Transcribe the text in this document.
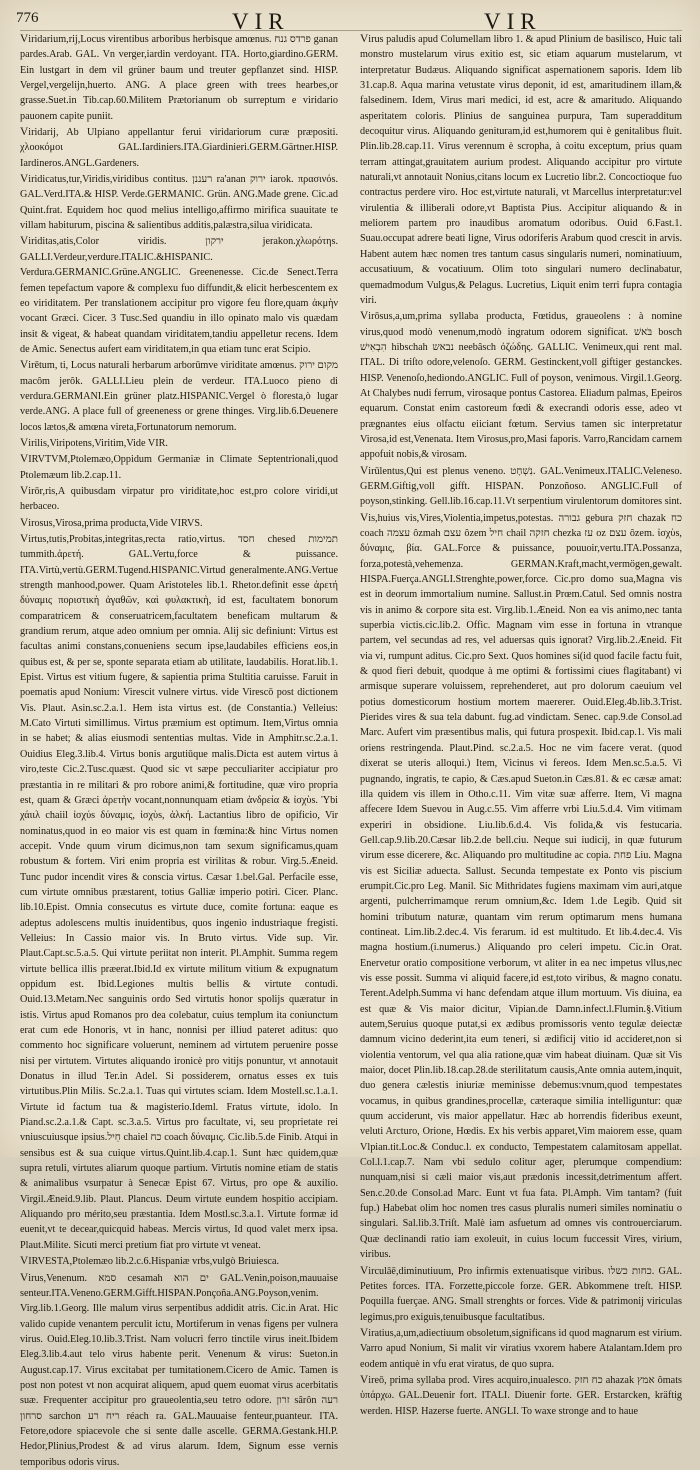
776	VIR	VIR

Viridarium,rij,Locus virentibus arboribus herbisque amœnus. פרדס גנח ganan pardes.Arab. GAL. Vn verger,iardin verdoyant. ITA. Horto,giardino.GERM. Ein lustgart in dem vil grüner baum und treuter gepflanzet sind. HISP. Vergel,vergelijn,huerto. ANG. A place green with trees hearbes,or grasse.Suet.in Tib.cap.60.Militem Prætorianum ob surreptum e viridario pauonem capite puniit.

Viridarij, Ab Ulpiano appellantur ferui viridariorum curæ præpositi. χλοοκόμοι GAL.Iardiniers.ITA.Giardinieri.GERM.Gärtner.HISP. Iardineros.ANGL.Gardeners.

Viridicatus,tur,Viridis,viridibus contitus. רעננן ra'anan ירוק iarok. πρασινόs. GAL.Verd.ITA.& HISP. Verde.GERMANIC. Grün. ANG.Made grene. Cic.ad Quint.frat. Equidem hoc quod melius intelligo,affirmo mirifica suauitate te villam habiturum, piscina & salientibus additis,palæstra,silua viridicata.

Viriditas,atis,Color viridis. ירקון jerakon.χλωρότηs. GALLI.Verdeur,verdure.ITALIC.&HISPANIC. Verdura.GERMANIC.Grüne.ANGLIC. Greenenesse. Cic.de Senect.Terra femen tepefactum vapore & complexu fuo diffundit,& elicit herbescentem ex eo viriditatem. Per translationem accipitur pro vigore feu flore,quam ἀκμὴν vocant Græci. Cicer. 3 Tusc.Sed quandiu in illo opinato malo vis quædam insit & vigeat, & habeat quandam viriditatem,tandiu appelletur recens. Idem de Amic. Senectus aufert eam viriditatem,in qua etiam tunc erat Scipio.

Virētum, ti, Locus naturali herbarum arborūmve viriditate amœnus. מקום ירוק macôm jerôk. GALLI.Lieu plein de verdeur. ITA.Luoco pieno di verdura.GERMANI.Ein grüner platz.HISPANIC.Vergel ò floresta,ò lugar verde.ANG. A place full of greeneness or grene thinges. Virg.lib.6.Deuenere locos lætos,& amœna vireta,Fortunatorum nemorum.

Virilis,Viripotens,Viritim,Vide VIR.

VIRVTVM,Ptolemæo,Oppidum Germaniæ in Climate Septentrionali,quod Ptolemæum lib.2.cap.11.

Virōr,ris,A quibusdam virpatur pro viriditate,hoc est,pro colore viridi,ut herbaceo.

Virosus,Virosa,prima producta,Vide VIRVS.

Virtus,tutis,Probitas,integritas,recta ratio,virtus. חסד chesed תמימות tummith.ἀρετή. GAL.Vertu,force & puissance. ITA.Virtù,vertù.GERM.Tugend.HISPANIC.Virtud generalmente.ANG.Vertue strength manhood,power. Quam Aristoteles lib.1. Rhetor.definit esse ἀρετή δύναμις ποριστικὴ ἀγαθῶν, καὶ φυλακτικὴ, id est, facultatem bonorum comparatricem & conseruatricem,facultatem beneficam multarum & grandium rerum, atque adeo omnium per omnia. Alij sic definiunt: Virtus est facultas animi constans,conueniens secum ipse,laudabiles efficiens eos,in quibus est, & per se, sponte separata etiam ab utilitate, laudabilis. Horat.lib.1. Epist. Virtus est vitium fugere, & sapientia prima Stultitia caruisse. Faruit in poematis apud Nonium: Virescit vulnere virtus. vide Virescō post dictionem Vis. Plaut. Asin.sc.2.a.1. Hem ista virtus est. (de Constantia.) Velleius: M.Cato Virtuti simillimus. Virtus præmium est optimum. Item,Virtus omnia in se habet; & alias eiusmodi sententias multas. Vide in Amphitr.sc.2.a.1. Ouidius Eleg.3.lib.4. Virtus bonis argutiūque malis.Dicta est autem virtus à viro,teste Cic.2.Tusc.quæst. Quod sic vt sæpe pecculiariter accipiatur pro præstantia in re militari & pro robore animi,& fortitudine, quæ viro propria est, quam & Græci ἀρετὴν vocant,nonnunquam etiam ἀνδρεία & ἰσχὺs. Ὑbi χάιιλ chaiil ἰσχύs δύναμις, ἰσχὺs, ἀλκή. Lactantius libro de opificio, Vir nominatus,quod in eo maior vis est quam in fœmina:& hinc Virtus nomen accepit. Vnde quum virum dicimus,non tam sexum significamus,quam robustum & fortem. Viri enim propria est virilitas & robur. Virg.5.Æneid. Tunc pudor incendit vires & conscia virtus. Cæsar 1.bel.Gal. Perfacile esse, cum virtute omnibus præstarent, totius Galliæ imperio potiri. Cicer. Planc. lib.10.Epist. Omnia consecutus es virtute duce, comite fortuna: eaque es adeptus adolescens multis inuidentibus, quos ingenio industriaque fregisti. Velleius: In Cassio maior vis. In Bruto virtus. Vide sup. Vir. Plaut.Capt.sc.5.a.5. Qui virtute periitat non interit. Pl.Amphit. Summa regem virtute bellica illis præerat.Ibid.Id ex virtute militum vitium & expugnatum oppidum est. Ibid.Legiones multis bellis & virtute contudi. Ouid.13.Metam.Nec sanguinis ordo Sed virtutis honor spolijs quæratur in istis. Virtus apud Romanos pro dea colebatur, cuius templum ita coniunctum erat cum ede Honoris, vt in hanc, nonnisi per illiud pateret aditus: quo commento hoc significare voluerunt, neminem ad virtutem peruenire posse nisi per virtutem. Virtutes aliquando ironicè pro vitijs ponuntur, vt annotauit Donatus in illud Ter.in Adel. Si possiderem, ornatus esses ex tuis virtutibus.Plin Milis. Sc.2.a.1. Tuas qui virtutes sciam. Idem Mostell.sc.1.a.1. Virtute id factum tua & magisterio.Ideml. Fratus virtute, idolo. In Piand.sc.2.a.1.& Capt. sc.3.a.5. Virtus pro facultate, vi, seu proprietate rei vniuscuiusque ipsius.חֵיל chaiel כח coach δύναμις. Cic.lib.5.de Finib. Atqui in sensibus est & sua cuique virtus.Quint.lib.4.cap.1. Sunt hæc quidem,quæ supra retuli, virtutes aliarum quoque partium. Virtutis nomine etiam de statis & animalibus vsurpatur à Senecæ Epist 67. Virtus, pro ope & auxilio. Virgil.Æneid.9.lib. Plaut. Plancus. Deum virtute eundem hospitio accipiam. Aliquando pro mérito,seu præstantia. Idem Mostl.sc.3.a.1. Virtute formæ id euenit,vt te decear,quicquid habeas. Mercis virtus, Id quod valet merx ipsa. Plaut.Milite. Sicuti merci pretium fiat pro virtute vt veneat.

VIRVESTA,Ptolemæo lib.2.c.6.Hispaniæ vrbs,vulgò Briuiesca.

Virus,Venenum. סמא cesamah ים הוא GAL.Venin,poison,mauuaise senteur.ITA.Veneno.GERM.Gifft.HISPAN.Ponçoña.ANG.Poyson,venim. Virg.lib.1.Georg. Ille malum virus serpentibus addidit atris. Cic.in Arat. Hic valido cupide venantem perculit ictu, Mortiferum in venas figens per vulnera virus. Ouid.Eleg.10.lib.3.Trist. Nam volucri ferro tinctile virus ineit.Ibidem Eleg.3.lib.4.aut telo virus habente perit. Venenum & virus: Sueton.in August.cap.17. Virus excitabat per tumitationem.Cicero de Amic. Tamen is post non potest vt non acquirat aliquem, apud quem euomat virus acerbitatis suæ. Frequenter accipitur pro graueolentia,seu tetro odore. זרון sârôn רעה סרחון sarchon ריח רע réach ra. GAL.Mauuaise fenteur,puanteur. ITA. Fetore,odore spiacevole che si sente dalle ascelle. GERMA.Gestank.HI.P. Hedor,Plinius,Prodest & ad virus alarum. Idem, Signum esse vernis temporibus odoris virus.

Virus paludis apud Columellam libro 1. & apud Plinium de basilisco, Huic tali monstro mustelarum virus exitio est, sic etiam aquarum mustelarum, vt interpretatur Budæus. Aliquando significat aspernationem saporis. Idem lib 31.cap.8. Aqua marina vetustate virus deponit, id est, amaritudinem illam,& falsedinem. Idem, Virus mari medici, id est, acre & amaritudo. Aliquando asperitatem coloris. Plinius de sanguinea purpura, Tam superadditum decoquitur virus. Aliquando genituram,id est,humorem qui è genitalibus fluit. Plin.lib.28.cap.11. Virus verennum è scropha, à coitu exceptum, prius quam terram attingat,grauitatem aurium prodest. Aliquando accipitur pro virtute naturali,vt annotauit Nonius,citans locum ex Lucretio libr.2. Concoctioque fuo contractus perdere viro. Hoc est,virtute naturali, vt Marcellus interpretatur:vel virulentia & illiberali odore,vt Baptista Pius. Accipitur aliquando & in meliorem partem pro inaudibus aromatum odoribus. Ouid 6.Fast.1. Suau.occupat adrere beati ligne, Virus odoriferis Arabum quod crescit in arvis. Habent autem hæc nomen tres tantum casus singularis numeri, nominatiuum, accusatiuum, & vocatiuum. Olim toto singulari numero declinabatur, quemadmodum Vulgus,& Pelagus. Lucretius, Liquit enim terri fupra contagia viri.

Virōsus,a,um,prima syllaba producta, Fœtidus, graueolens : à nomine virus,quod modò venenum,modò ingratum odorem significat. בֹּאשׁ bosch הִבְאִישׁ hibschah נבאש neebâsch ὀζώδης. GALLIC. Venimeux,qui rent mal. ITAL. Di triſto odore,velenoſo. GERM. Gestinckent,voll giftiger gestanckes. HISP. Venenoſo,hediondo.ANGLIC. Full of poyson, venimous. Virgil.1.Georg. At Chalybes nudi ferrum, virosaque pontus Castorea. Eliadum palmas, Epeiros equarum. Constat enim castoreum fœdi & execrandi odoris esse, adeo vt prægnantes eius olfactu eiiciant fœtum. Servius tamen sic interpretatur Virosa,id est,Venenata. Item Virosus,pro,Masi faporis. Varro,Rancidam carnem appofuit nobis,& virosam.

Virūlentus,Qui est plenus veneno. נִשְׁחָט. GAL.Venimeux.ITALIC.Veleneso. GERM.Giftig,voll gifft. HISPAN. Ponzoñoso. ANGLIC.Full of poyson,stinking. Gell.lib.16.cap.11.Vt serpentium virulentorum domitores sint.

Vis,huius vis,Vires,Violentia,impetus,potestas. גבורה gebura חזק chazak כח coach עצמה ôzmah עצם ôzem חיל chail חזקה chezka עז oz עצם ôzem. ἰσχὺs, δύναμις, βία. GAL.Force & puissance, pouuoir,vertu.ITA.Possanza, forza,potestà,vehemenza. GERMAN.Kraft,macht,vermögen,gewalt. HISPA.Fuerça.ANGLI.Strenghte,power,force. Cic.pro domo sua,Magna vis est in deorum immortalium numine. Sallust.in Prœm.Catul. Sed omnis nostra vis in animo & corpore sita est. Virg.lib.1.Æneid. Non ea vis animo,nec tanta superbia victis.cic.lib.2. Offic. Magnam vim esse in fortuna in vtranque partem, vel secundas ad res, vel aduersas quis ignorat? Virg.lib.2.Æneid. Fit via vi, rumpunt aditus. Cic.pro Sext. Quos homines si(id quod facile factu fuit, & quod fieri debuit, quodque à me optimi & fortissimi ciues flagitabant) vi armisque superare voluissem, reprehenderet, aut pro dolorum caeuium vel potius domesticorum hostium mortem maererer. Ouid.Eleg.4b.lib.3.Trist. Pierides vires & sua tela dabunt. fug.ad vindictam. Senec. cap.9.de Consol.ad Marc. Aufert vim præsentibus malis, qui futura prospexit. Ibid.cap.1. Vis mali oriens restringenda. Plaut.Pind. sc.2.a.5. Hoc ne vim facere verat. (quod dixerat se uteris alloqui.) Item, Vicinus vi fereos. Idem Men.sc.5.a.5. Vi pugnando, ingratis, te capio, & Cæs.apud Sueton.in Cæs.81. & ec cæsæ amat: illa quidem vis illem in Otho.c.11. Vim vitæ suæ afferre. Item, Vi magna affecere Idem Suevou in Aug.c.55. Vim afferre vrbi Liu.5.d.4. Vim vitimam experiri in obsidione. Liu.lib.6.d.4. Vis folida,& vis festucaria. Gell.cap.9.lib.20.Cæsar lib.2.de bell.ciu. Neque sui iudicij, in quæ futurum virum esse dicerere, &c. Aliquando pro multitudine ac copia. פחת Liu. Magna vis est Siciliæ aduecta. Sallust. Secunda tempestate ex Ponto vis piscium erumpit.Cic.pro Leg. Manil. Sic Mithridates fugiens maximam vim auri,atque argenti, pulcherrimamque rerum omnium,&c. Idem 1.de Legib. Quid sit homini tributum naturæ, quantam vim rerum optimarum mens humana contineat. Lim.lib.2.dec.4. Vis ferarum. id est multitudo. Et lib.4.dec.4. Vis magna hostium.(i.numerus.) Aliquando pro celeri impetu. Cic.in Orat. Enervetur oratio compositione verborum, vt aliter in ea nec impetus vllus,nec vis esse possit. Summa vi aliquid facere,id est,toto viribus, & magno conatu. Terent.Adelph.Summa vi hanc defendam atque illum mortuum. Vis diuina, ea est quæ & Vis maior dicitur, Vipian.de Damn.infect.l.Flumin.§.Vitium autem,Seruius quoque putat,si ex ædibus promissoris vento tegulæ deiectæ damnum vicino dederint,ita eum teneri, si ædificij vitio id accideret,non si violentia ventorum, vel qua alia ratione,quæ vim habeat diuinam. Quæ sit Vis maior, docet Plin.lib.18.cap.28.de sterilitatum causis,Ante omnia autem,inquit, duo genera cælestis iniuriæ meminisse debemus:vnum,quod tempestates vocamus, in quibus grandines,procellæ, cæteraque similia intelliguntur: quæ quum acciderunt, vis maior appellatur. Hæc ab horrendis fideribus exeunt, veluti Arcturo, Orione, Hœdis. Ex his verbis apparet,Vim maiorem esse, quam Vlpian.tit.Loc.& Conduc.l. ex conducto, Tempestatem calamitosam appellat. Col.l.1.cap.7. Nam vbi sedulo colitur ager, plerumque compendium: nunquam,nisi si cæli maior vis,aut prædonis incessit,detrimentum affert. Sen.c.20.de Consol.ad Marc. Eunt vt fua fata. Pl.Amph. Vim tantam? (fuit fup.) Habebat olim hoc nomen tres casus pluralis numeri similes nominatiu o singulari. Sal.lib.3.Triſt. Malè iam asfuetum ad omnes vis controuerciarum. Quæ declinandi ratio iam exoleuit, in cuius locum fuccessit Vires, virium, viribus.

Virculāē,diminutiuum, Pro infirmis extenuatisque viribus. כחות כשלו. GAL. Petites forces. ITA. Forzette,piccole forze. GER. Abkommene treſt. HISP. Poquilla fuerçae. ANG. Small strenghts or forces. Vide & patrimonij viriculas legimus,pro exiguis,tenuibusque facultatibus.

Viratius,a,um,adiectiuum obsoletum,significans id quod magnarum est virium. Varro apud Nonium, Si malit vir viratius vxorem habere Atalantam.Idem pro eodem antiquè in vfu erat viratus, de quo supra.

Vireō, prima syllaba prod. Vires acquiro,inualesco. כח חזק ahazak אמץ ômats ὑπάρχω. GAL.Deuenir fort. ITALI. Diuenir forte. GER. Erstarcken, kräftig werden. HISP. Hazerse fuerte. ANGLI. To waxe stronge and to haue
